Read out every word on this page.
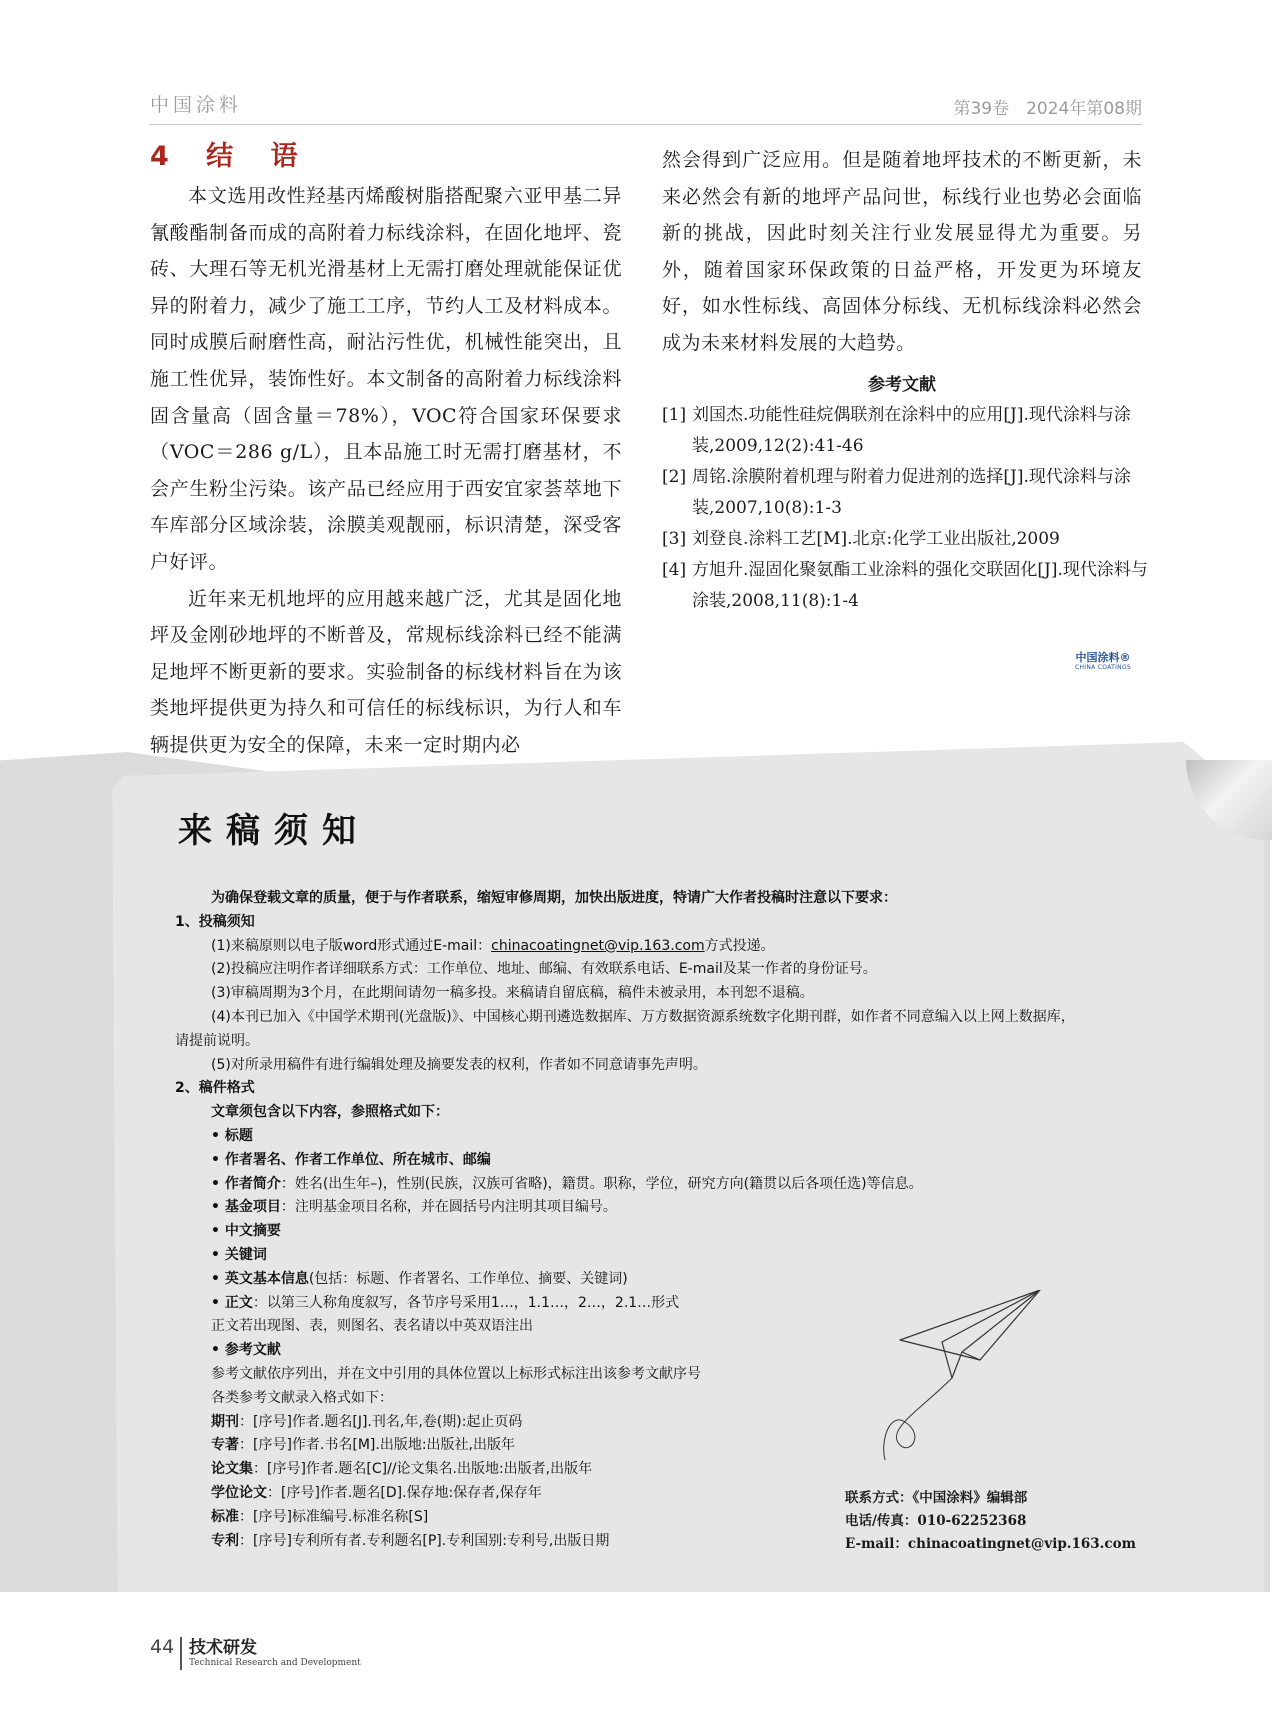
中国涂料	第39卷　2024年第08期
4 结 语

本文选用改性羟基丙烯酸树脂搭配聚六亚甲基二异氰酸酯制备而成的高附着力标线涂料，在固化地坪、瓷砖、大理石等无机光滑基材上无需打磨处理就能保证优异的附着力，减少了施工工序，节约人工及材料成本。同时成膜后耐磨性高，耐沾污性优，机械性能突出，且施工性优异，装饰性好。本文制备的高附着力标线涂料固含量高（固含量＝78%），VOC符合国家环保要求（VOC＝286 g/L），且本品施工时无需打磨基材，不会产生粉尘污染。该产品已经应用于西安宜家荟萃地下车库部分区域涂装，涂膜美观靓丽，标识清楚，深受客户好评。

近年来无机地坪的应用越来越广泛，尤其是固化地坪及金刚砂地坪的不断普及，常规标线涂料已经不能满足地坪不断更新的要求。实验制备的标线材料旨在为该类地坪提供更为持久和可信任的标线标识，为行人和车辆提供更为安全的保障，未来一定时期内必

然会得到广泛应用。但是随着地坪技术的不断更新，未来必然会有新的地坪产品问世，标线行业也势必会面临新的挑战，因此时刻关注行业发展显得尤为重要。另外，随着国家环保政策的日益严格，开发更为环境友好，如水性标线、高固体分标线、无机标线涂料必然会成为未来材料发展的大趋势。

参考文献
[1] 刘国杰.功能性硅烷偶联剂在涂料中的应用[J].现代涂料与涂装,2009,12(2):41-46
[2] 周铭.涂膜附着机理与附着力促进剂的选择[J].现代涂料与涂装,2007,10(8):1-3
[3] 刘登良.涂料工艺[M].北京:化学工业出版社,2009
[4] 方旭升.湿固化聚氨酯工业涂料的强化交联固化[J].现代涂料与涂装,2008,11(8):1-4
中国涂料®
CHINA COATINGS
来稿须知
为确保登载文章的质量，便于与作者联系，缩短审修周期，加快出版进度，特请广大作者投稿时注意以下要求：
1、投稿须知
(1)来稿原则以电子版word形式通过E-mail：chinacoatingnet@vip.163.com方式投递。
(2)投稿应注明作者详细联系方式：工作单位、地址、邮编、有效联系电话、E-mail及某一作者的身份证号。
(3)审稿周期为3个月，在此期间请勿一稿多投。来稿请自留底稿，稿件未被录用，本刊恕不退稿。
(4)本刊已加入《中国学术期刊(光盘版)》、中国核心期刊遴选数据库、万方数据资源系统数字化期刊群，如作者不同意编入以上网上数据库，
请提前说明。
(5)对所录用稿件有进行编辑处理及摘要发表的权利，作者如不同意请事先声明。
2、稿件格式
文章须包含以下内容，参照格式如下：
• 标题
• 作者署名、作者工作单位、所在城市、邮编
• 作者简介：姓名(出生年–)，性别(民族，汉族可省略)，籍贯。职称，学位，研究方向(籍贯以后各项任选)等信息。
• 基金项目：注明基金项目名称，并在圆括号内注明其项目编号。
• 中文摘要
• 关键词
• 英文基本信息(包括：标题、作者署名、工作单位、摘要、关键词)
• 正文：以第三人称角度叙写，各节序号采用1…，1.1…，2…，2.1…形式
正文若出现图、表，则图名、表名请以中英双语注出
• 参考文献
参考文献依序列出，并在文中引用的具体位置以上标形式标注出该参考文献序号
各类参考文献录入格式如下：
期刊：[序号]作者.题名[J].刊名,年,卷(期):起止页码
专著：[序号]作者.书名[M].出版地:出版社,出版年
论文集：[序号]作者.题名[C]//论文集名.出版地:出版者,出版年
学位论文：[序号]作者.题名[D].保存地:保存者,保存年
标准：[序号]标准编号.标准名称[S]
专利：[序号]专利所有者.专利题名[P].专利国别:专利号,出版日期
联系方式：《中国涂料》编辑部
电话/传真：010-62252368
E-mail：chinacoatingnet@vip.163.com
44 技术研发
Technical Research and Development
